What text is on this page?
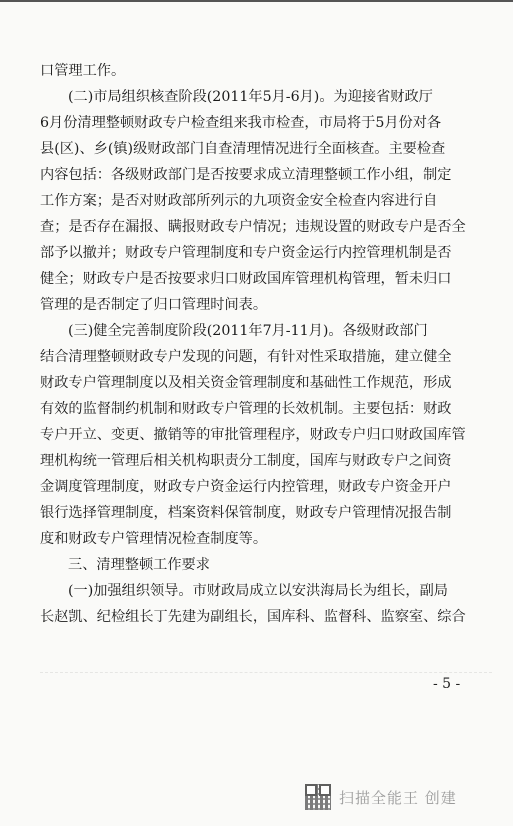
口管理工作。
(二)市局组织核查阶段(2011年5月-6月)。为迎接省财政厅
6月份清理整顿财政专户检查组来我市检查，市局将于5月份对各
县(区)、乡(镇)级财政部门自查清理情况进行全面核查。主要检查
内容包括：各级财政部门是否按要求成立清理整顿工作小组，制定
工作方案；是否对财政部所列示的九项资金安全检查内容进行自
查；是否存在漏报、瞒报财政专户情况；违规设置的财政专户是否全
部予以撤并；财政专户管理制度和专户资金运行内控管理机制是否
健全；财政专户是否按要求归口财政国库管理机构管理，暂未归口
管理的是否制定了归口管理时间表。
(三)健全完善制度阶段(2011年7月-11月)。各级财政部门
结合清理整顿财政专户发现的问题，有针对性采取措施，建立健全
财政专户管理制度以及相关资金管理制度和基础性工作规范，形成
有效的监督制约机制和财政专户管理的长效机制。主要包括：财政
专户开立、变更、撤销等的审批管理程序，财政专户归口财政国库管
理机构统一管理后相关机构职责分工制度，国库与财政专户之间资
金调度管理制度，财政专户资金运行内控管理，财政专户资金开户
银行选择管理制度，档案资料保管制度，财政专户管理情况报告制
度和财政专户管理情况检查制度等。
三、清理整顿工作要求
(一)加强组织领导。市财政局成立以安洪海局长为组长，副局
长赵凯、纪检组长丁先建为副组长，国库科、监督科、监察室、综合
- 5 -
扫描全能王 创建
